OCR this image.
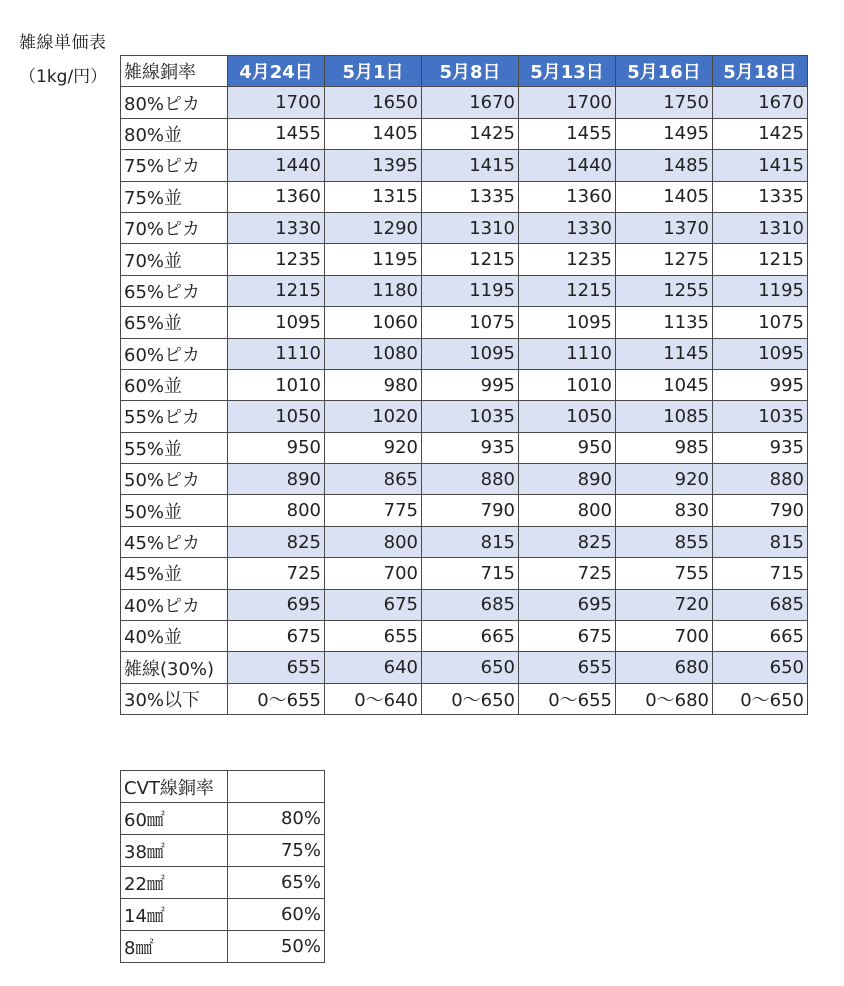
雑線単価表
（1kg/円） 雑線銅率	4月24日	5月1日	5月8日	5月13日	5月16日	5月18日
80%ピカ	1700	1650	1670	1700	1750	1670
80%並	1455	1405	1425	1455	1495	1425
75%ピカ	1440	1395	1415	1440	1485	1415
75%並	1360	1315	1335	1360	1405	1335
70%ピカ	1330	1290	1310	1330	1370	1310
70%並	1235	1195	1215	1235	1275	1215
65%ピカ	1215	1180	1195	1215	1255	1195
65%並	1095	1060	1075	1095	1135	1075
60%ピカ	1110	1080	1095	1110	1145	1095
60%並	1010	980	995	1010	1045	995
55%ピカ	1050	1020	1035	1050	1085	1035
55%並	950	920	935	950	985	935
50%ピカ	890	865	880	890	920	880
50%並	800	775	790	800	830	790
45%ピカ	825	800	815	825	855	815
45%並	725	700	715	725	755	715
40%ピカ	695	675	685	695	720	685
40%並	675	655	665	675	700	665
雑線(30%)	655	640	650	655	680	650
30%以下	0～655	0～640	0～650	0～655	0～680	0～650
CVT線銅率	
60㎟	80%
38㎟	75%
22㎟	65%
14㎟	60%
8㎟	50%
